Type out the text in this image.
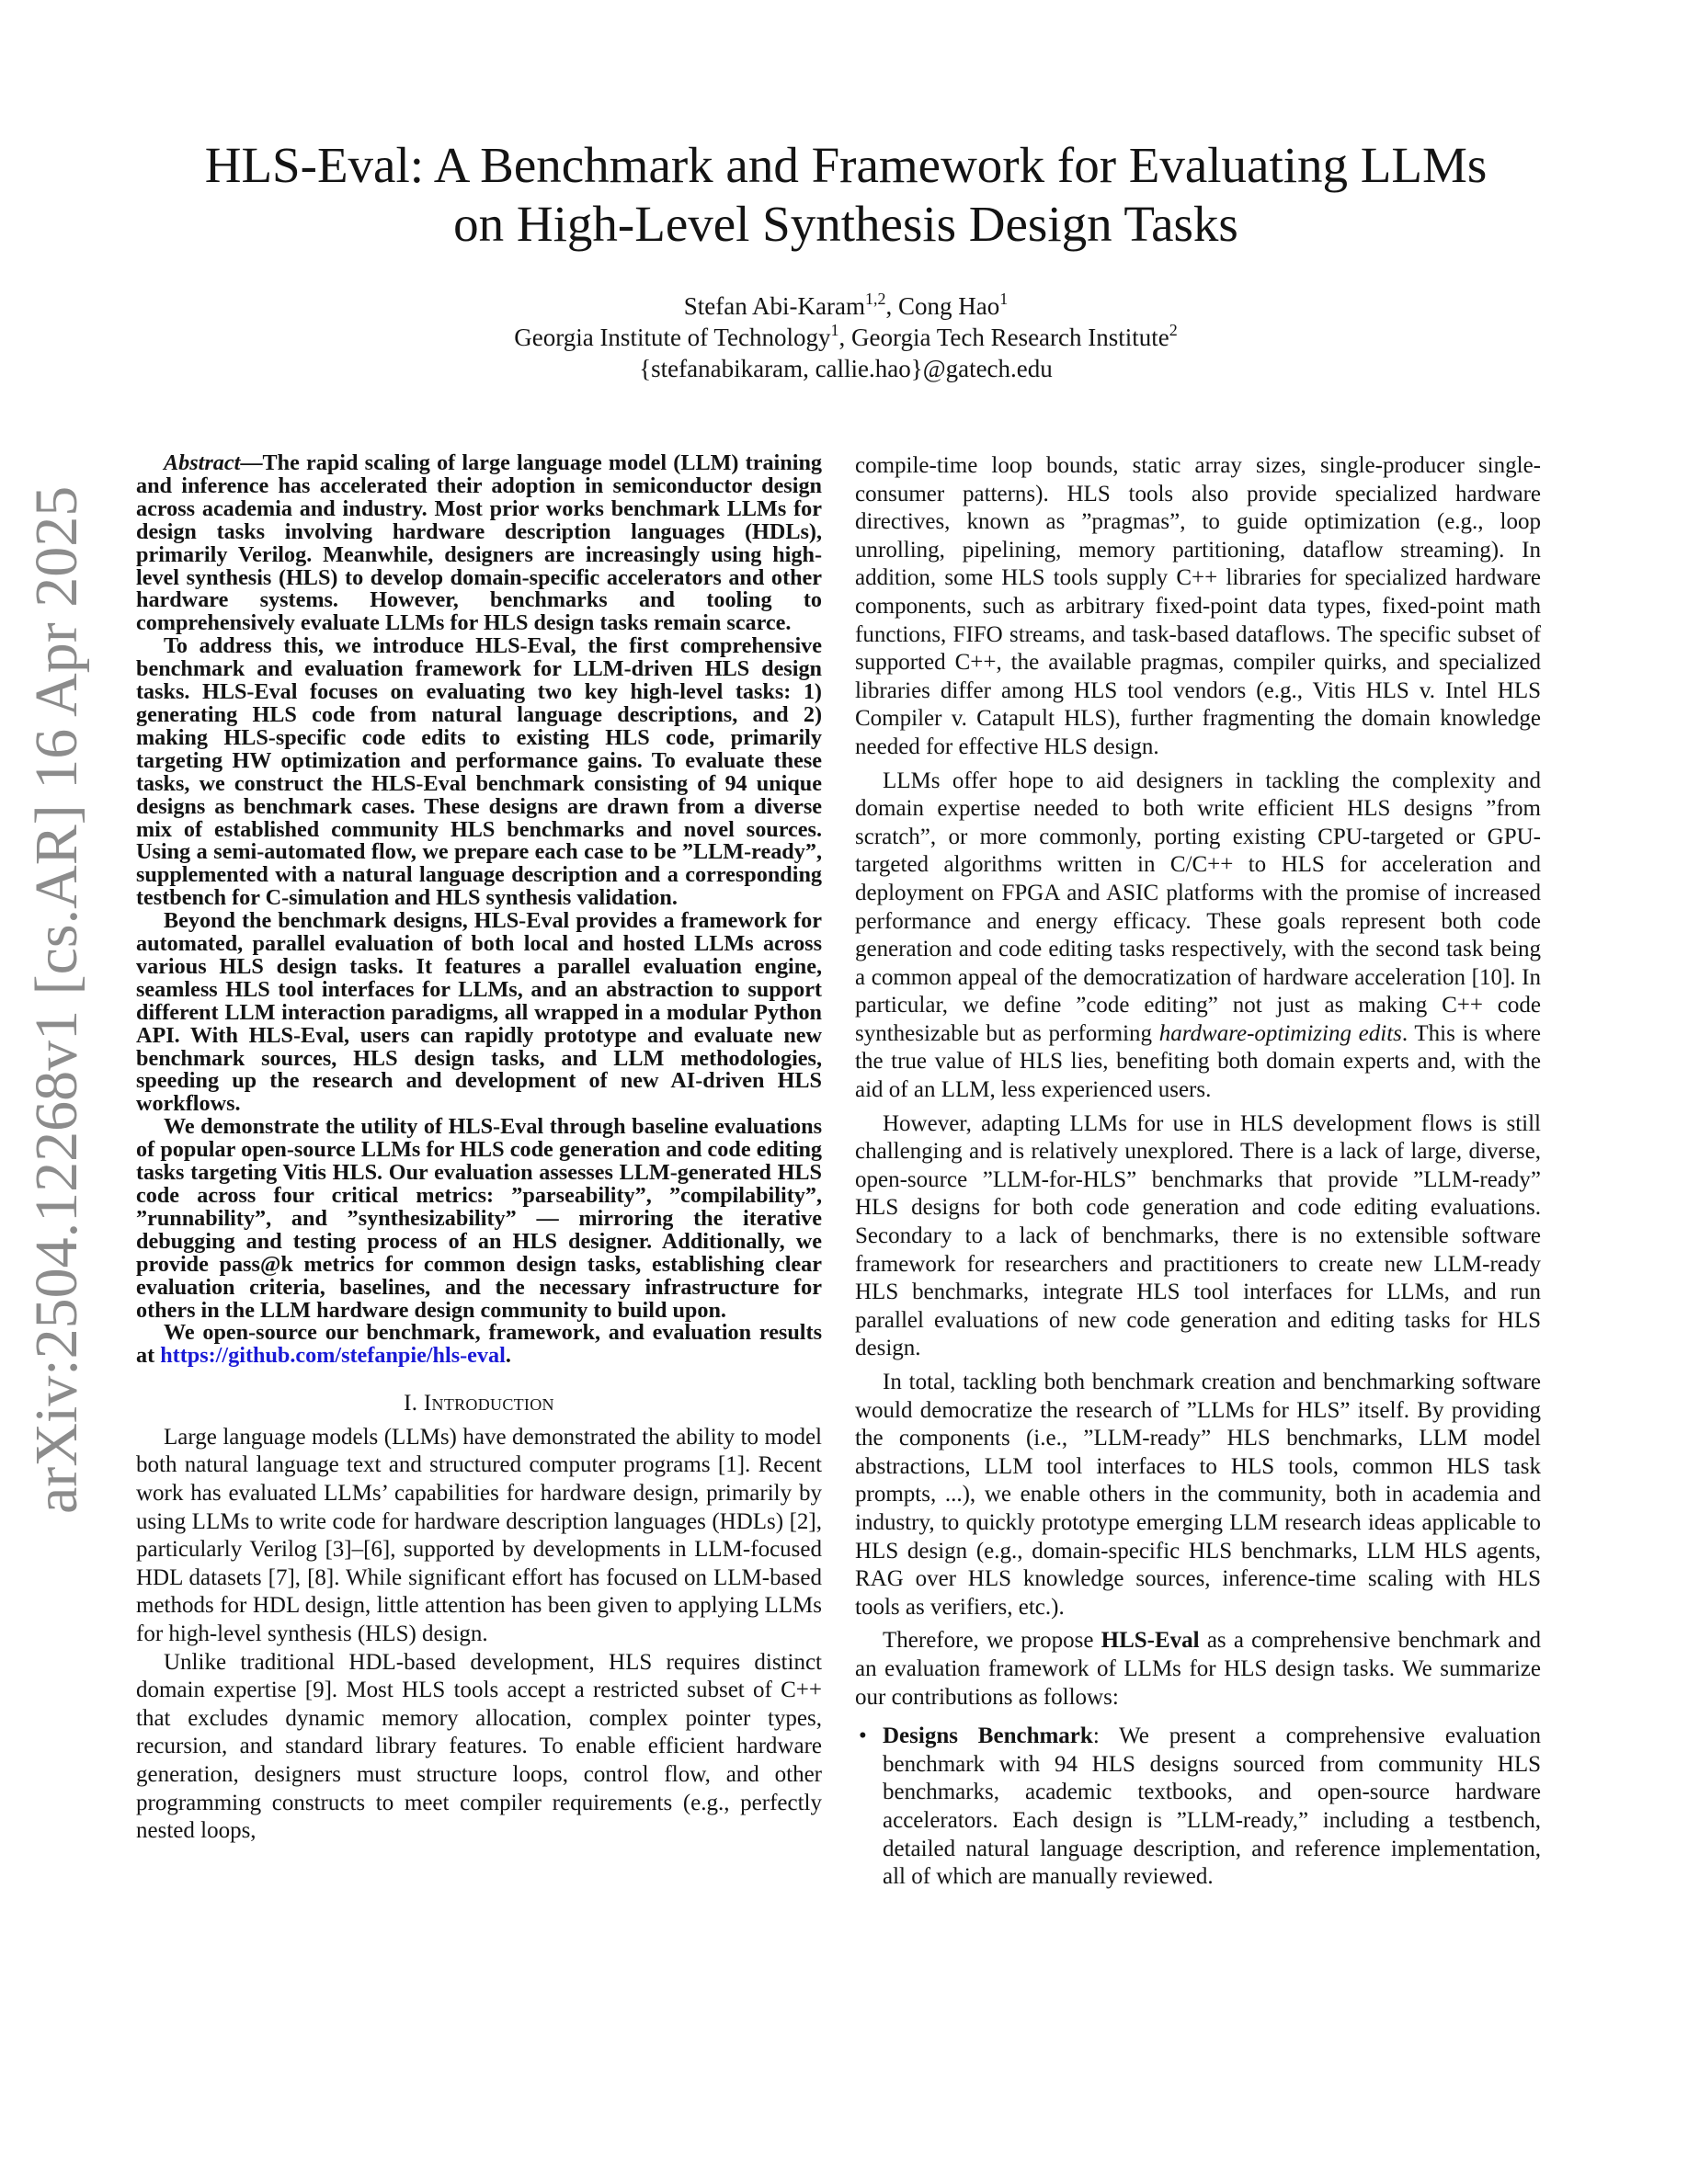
arXiv:2504.12268v1 [cs.AR] 16 Apr 2025
HLS-Eval: A Benchmark and Framework for Evaluating LLMs
on High-Level Synthesis Design Tasks
Stefan Abi-Karam$^{1,2}$, Cong Hao$^1$
Georgia Institute of Technology$^1$, Georgia Tech Research Institute$^2$
{stefanabikaram, callie.hao}@gatech.edu

Abstract—The rapid scaling of large language model (LLM) training and inference has accelerated their adoption in semiconductor design across academia and industry. Most prior works benchmark LLMs for design tasks involving hardware description languages (HDLs), primarily Verilog. Meanwhile, designers are increasingly using high-level synthesis (HLS) to develop domain-specific accelerators and other hardware systems. However, benchmarks and tooling to comprehensively evaluate LLMs for HLS design tasks remain scarce.

To address this, we introduce HLS-Eval, the first comprehensive benchmark and evaluation framework for LLM-driven HLS design tasks. HLS-Eval focuses on evaluating two key high-level tasks: 1) generating HLS code from natural language descriptions, and 2) making HLS-specific code edits to existing HLS code, primarily targeting HW optimization and performance gains. To evaluate these tasks, we construct the HLS-Eval benchmark consisting of 94 unique designs as benchmark cases. These designs are drawn from a diverse mix of established community HLS benchmarks and novel sources. Using a semi-automated flow, we prepare each case to be ”LLM-ready”, supplemented with a natural language description and a corresponding testbench for C-simulation and HLS synthesis validation.

Beyond the benchmark designs, HLS-Eval provides a framework for automated, parallel evaluation of both local and hosted LLMs across various HLS design tasks. It features a parallel evaluation engine, seamless HLS tool interfaces for LLMs, and an abstraction to support different LLM interaction paradigms, all wrapped in a modular Python API. With HLS-Eval, users can rapidly prototype and evaluate new benchmark sources, HLS design tasks, and LLM methodologies, speeding up the research and development of new AI-driven HLS workflows.

We demonstrate the utility of HLS-Eval through baseline evaluations of popular open-source LLMs for HLS code generation and code editing tasks targeting Vitis HLS. Our evaluation assesses LLM-generated HLS code across four critical metrics: ”parseability”, ”compilability”, ”runnability”, and ”synthesizability” — mirroring the iterative debugging and testing process of an HLS designer. Additionally, we provide pass@k metrics for common design tasks, establishing clear evaluation criteria, baselines, and the necessary infrastructure for others in the LLM hardware design community to build upon.

We open-source our benchmark, framework, and evaluation results at https://github.com/stefanpie/hls-eval.

I. Introduction

Large language models (LLMs) have demonstrated the ability to model both natural language text and structured computer programs [1]. Recent work has evaluated LLMs’ capabilities for hardware design, primarily by using LLMs to write code for hardware description languages (HDLs) [2], particularly Verilog [3]–[6], supported by developments in LLM-focused HDL datasets [7], [8]. While significant effort has focused on LLM-based methods for HDL design, little attention has been given to applying LLMs for high-level synthesis (HLS) design.

Unlike traditional HDL-based development, HLS requires distinct domain expertise [9]. Most HLS tools accept a restricted subset of C++ that excludes dynamic memory allocation, complex pointer types, recursion, and standard library features. To enable efficient hardware generation, designers must structure loops, control flow, and other programming constructs to meet compiler requirements (e.g., perfectly nested loops,

compile-time loop bounds, static array sizes, single-producer single-consumer patterns). HLS tools also provide specialized hardware directives, known as ”pragmas”, to guide optimization (e.g., loop unrolling, pipelining, memory partitioning, dataflow streaming). In addition, some HLS tools supply C++ libraries for specialized hardware components, such as arbitrary fixed-point data types, fixed-point math functions, FIFO streams, and task-based dataflows. The specific subset of supported C++, the available pragmas, compiler quirks, and specialized libraries differ among HLS tool vendors (e.g., Vitis HLS v. Intel HLS Compiler v. Catapult HLS), further fragmenting the domain knowledge needed for effective HLS design.

LLMs offer hope to aid designers in tackling the complexity and domain expertise needed to both write efficient HLS designs ”from scratch”, or more commonly, porting existing CPU-targeted or GPU-targeted algorithms written in C/C++ to HLS for acceleration and deployment on FPGA and ASIC platforms with the promise of increased performance and energy efficacy. These goals represent both code generation and code editing tasks respectively, with the second task being a common appeal of the democratization of hardware acceleration [10]. In particular, we define ”code editing” not just as making C++ code synthesizable but as performing hardware-optimizing edits. This is where the true value of HLS lies, benefiting both domain experts and, with the aid of an LLM, less experienced users.

However, adapting LLMs for use in HLS development flows is still challenging and is relatively unexplored. There is a lack of large, diverse, open-source ”LLM-for-HLS” benchmarks that provide ”LLM-ready” HLS designs for both code generation and code editing evaluations. Secondary to a lack of benchmarks, there is no extensible software framework for researchers and practitioners to create new LLM-ready HLS benchmarks, integrate HLS tool interfaces for LLMs, and run parallel evaluations of new code generation and editing tasks for HLS design.

In total, tackling both benchmark creation and benchmarking software would democratize the research of ”LLMs for HLS” itself. By providing the components (i.e., ”LLM-ready” HLS benchmarks, LLM model abstractions, LLM tool interfaces to HLS tools, common HLS task prompts, ...), we enable others in the community, both in academia and industry, to quickly prototype emerging LLM research ideas applicable to HLS design (e.g., domain-specific HLS benchmarks, LLM HLS agents, RAG over HLS knowledge sources, inference-time scaling with HLS tools as verifiers, etc.).

Therefore, we propose HLS-Eval as a comprehensive benchmark and an evaluation framework of LLMs for HLS design tasks. We summarize our contributions as follows:

• Designs Benchmark: We present a comprehensive evaluation benchmark with 94 HLS designs sourced from community HLS benchmarks, academic textbooks, and open-source hardware accelerators. Each design is ”LLM-ready,” including a testbench, detailed natural language description, and reference implementation, all of which are manually reviewed.
